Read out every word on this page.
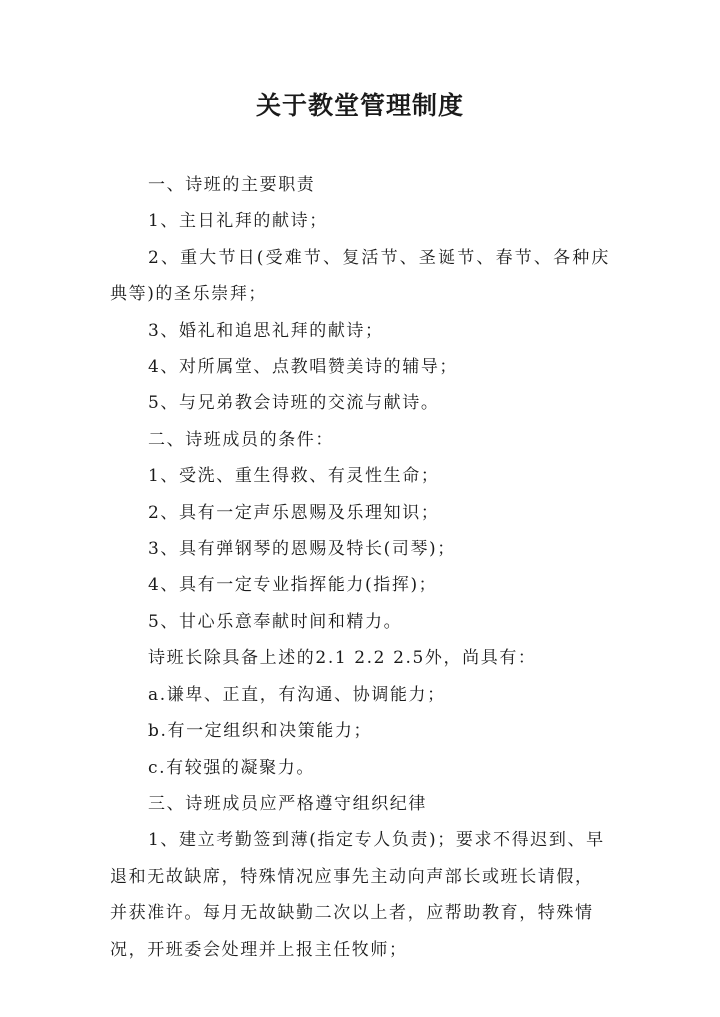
关于教堂管理制度

一、诗班的主要职责

1、主日礼拜的献诗；

2、重大节日(受难节、复活节、圣诞节、春节、各种庆典等)的圣乐崇拜；

3、婚礼和追思礼拜的献诗；

4、对所属堂、点教唱赞美诗的辅导；

5、与兄弟教会诗班的交流与献诗。

二、诗班成员的条件：

1、受洗、重生得救、有灵性生命；

2、具有一定声乐恩赐及乐理知识；

3、具有弹钢琴的恩赐及特长(司琴)；

4、具有一定专业指挥能力(指挥)；

5、甘心乐意奉献时间和精力。

诗班长除具备上述的2.1 2.2 2.5外，尚具有：

a.谦卑、正直，有沟通、协调能力；

b.有一定组织和决策能力；

c.有较强的凝聚力。

三、诗班成员应严格遵守组织纪律

1、建立考勤签到薄(指定专人负责)；要求不得迟到、早退和无故缺席，特殊情况应事先主动向声部长或班长请假，并获准许。每月无故缺勤二次以上者，应帮助教育，特殊情况，开班委会处理并上报主任牧师；
